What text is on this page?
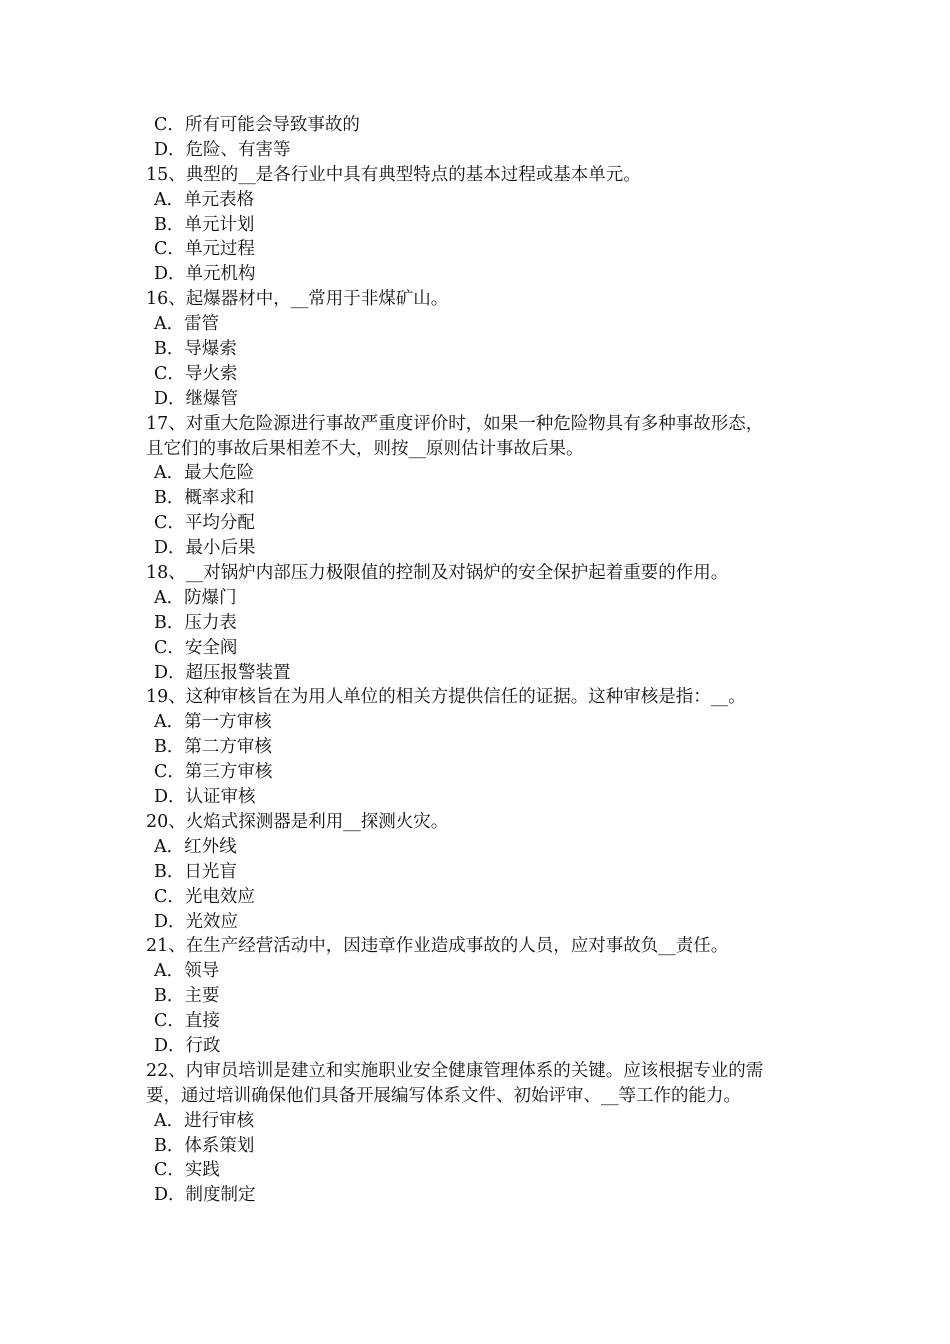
C．所有可能会导致事故的
D．危险、有害等
15、典型的__是各行业中具有典型特点的基本过程或基本单元。
A．单元表格
B．单元计划
C．单元过程
D．单元机构
16、起爆器材中，__常用于非煤矿山。
A．雷管
B．导爆索
C．导火索
D．继爆管
17、对重大危险源进行事故严重度评价时，如果一种危险物具有多种事故形态，
且它们的事故后果相差不大，则按__原则估计事故后果。
A．最大危险
B．概率求和
C．平均分配
D．最小后果
18、__对锅炉内部压力极限值的控制及对锅炉的安全保护起着重要的作用。
A．防爆门
B．压力表
C．安全阀
D．超压报警装置
19、这种审核旨在为用人单位的相关方提供信任的证据。这种审核是指：__。
A．第一方审核
B．第二方审核
C．第三方审核
D．认证审核
20、火焰式探测器是利用__探测火灾。
A．红外线
B．日光盲
C．光电效应
D．光效应
21、在生产经营活动中，因违章作业造成事故的人员，应对事故负__责任。
A．领导
B．主要
C．直接
D．行政
22、内审员培训是建立和实施职业安全健康管理体系的关键。应该根据专业的需
要，通过培训确保他们具备开展编写体系文件、初始评审、__等工作的能力。
A．进行审核
B．体系策划
C．实践
D．制度制定
